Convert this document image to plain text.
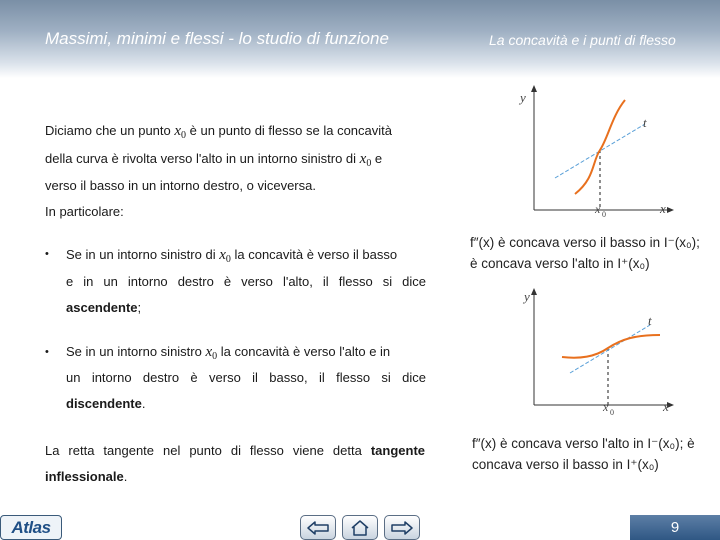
Massimi, minimi e flessi - lo studio di funzione	La concavità e i punti di flesso
Diciamo che un punto $x_0$ è un punto di flesso se la concavità
della curva è rivolta verso l'alto in un intorno sinistro di $x_0$ e
verso il basso in un intorno destro, o viceversa.
In particolare:
• Se in un intorno sinistro di $x_0$ la concavità è verso il basso
e in un intorno destro è verso l'alto, il flesso si dice
ascendente;
• Se in un intorno sinistro $x_0$ la concavità è verso l'alto e in
un intorno destro è verso il basso, il flesso si dice
discendente.
La retta tangente nel punto di flesso viene detta tangente
inflessionale.
y
x
t
x 0
f″(x) è concava verso il basso in I⁻(x₀);
è concava verso l'alto in I⁺(x₀)
y
x
t
x 0
f″(x) è concava verso l'alto in I⁻(x₀); è
concava verso il basso in I⁺(x₀)
Atlas	9
